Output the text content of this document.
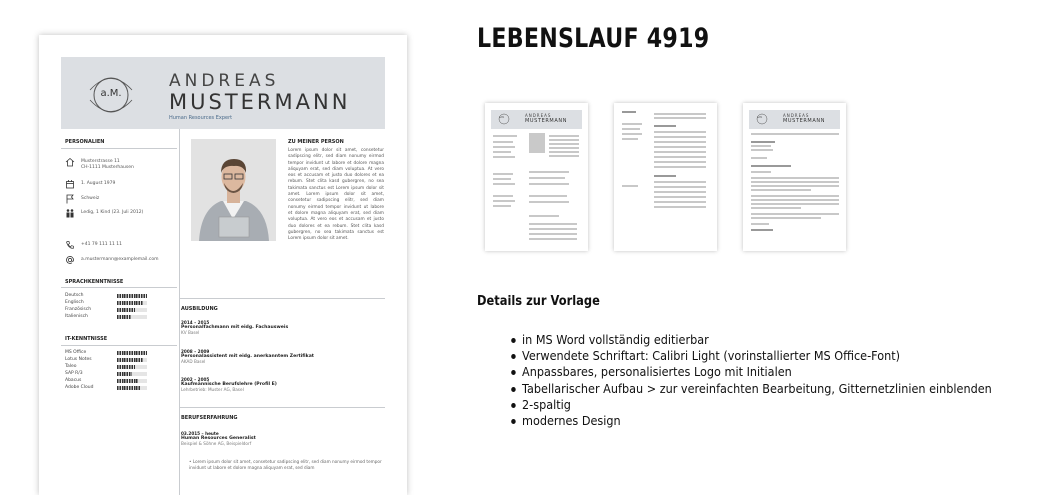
a.M.
ANDREAS
MUSTERMANN
Human Resources Expert
PERSONALIEN
Musterstrasse 11
CH-1111 Musterhausen
1. August 1979
Schweiz
Ledig, 1 Kind (23. Juli 2012)
+41 79 111 11 11
a.mustermann@examplemail.com
SPRACHKENNTNISSE
Deutsch
Englisch
Französisch
Italienisch
IT-KENNTNISSE
MS Office
Lotus Notes
Taleo
SAP R/3
Abacus
Adobe Cloud
ZU MEINER PERSON
Lorem ipsum dolor sit amet, consetetur sadipscing elitr, sed diam nonumy eirmod tempor invidunt ut labore et dolore magna aliquyam erat, sed diam voluptua. At vero eos et accusam et justo duo dolores et ea rebum. Stet clita kasd gubergren, no sea takimata sanctus est Lorem ipsum dolor sit amet. Lorem ipsum dolor sit amet, consetetur sadipscing elitr, sed diam nonumy eirmod tempor invidunt ut labore et dolore magna aliquyam erat, sed diam voluptua. At vero eos et accusam et justo duo dolores et ea rebum. Stet clita kasd gubergren, no sea takimata sanctus est Lorem ipsum dolor sit amet.
AUSBILDUNG
2014 – 2015
Personalfachmann mit eidg. Fachausweis
KV Basel
2008 – 2009
Personalassistent mit eidg. anerkanntem Zertifikat
AKAD Basel
2002 – 2005
Kaufmännische Berufslehre (Profil E)
Lehrbetrieb: Muster AG, Basel
BERUFSERFAHRUNG
03.2015 – heute
Human Resources Generalist
Beispiel & Söhne AG, Beispieldorf
• Lorem ipsum dolor sit amet, consetetur sadipscing elitr, sed diam nonumy eirmod tempor invidunt ut labore et dolore magna aliquyam erat, sed diam
LEBENSLAUF 4919
a.M.	ANDREAS
MUSTERMANN
a.M.	ANDREAS
MUSTERMANN
Details zur Vorlage
in MS Word vollständig editierbar
Verwendete Schriftart: Calibri Light (vorinstallierter MS Office-Font)
Anpassbares, personalisiertes Logo mit Initialen
Tabellarischer Aufbau > zur vereinfachten Bearbeitung, Gitternetzlinien einblenden
2-spaltig
modernes Design
